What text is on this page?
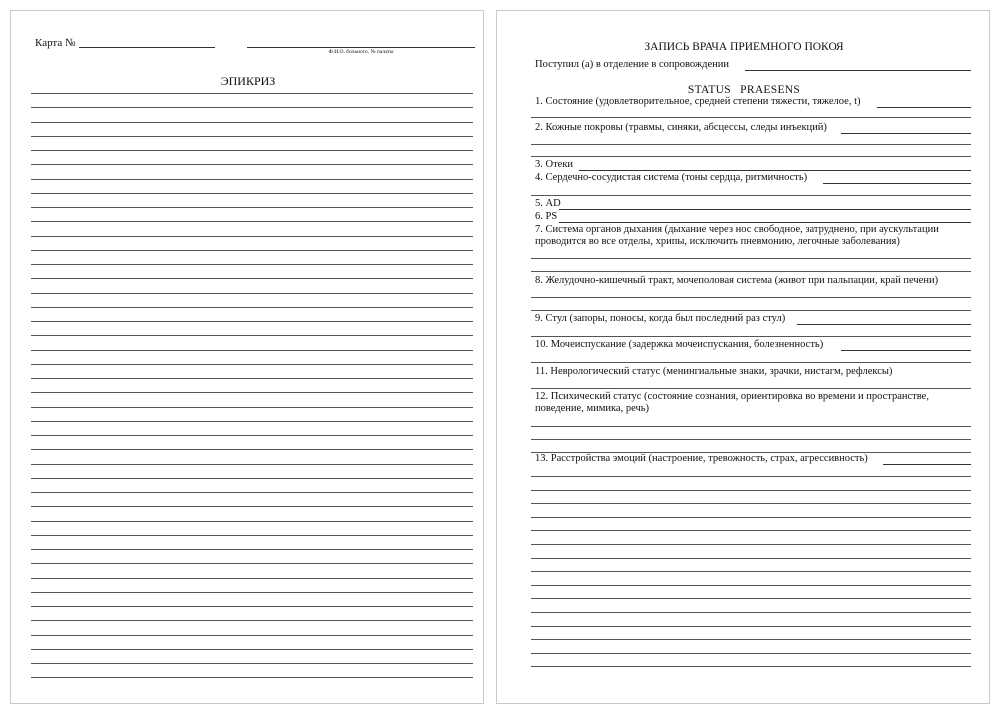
Карта №
Ф.И.О. больного, № палаты
ЭПИКРИЗ
ЗАПИСЬ ВРАЧА ПРИЕМНОГО ПОКОЯ
Поступил (а) в отделение в сопровождении
STATUS PRAESENS
1. Состояние (удовлетворительное, средней степени тяжести, тяжелое, t)
2. Кожные покровы (травмы, синяки, абсцессы, следы инъекций)
3. Отеки
4. Сердечно-сосудистая система (тоны сердца, ритмичность)
5. АD
6. PS
7. Система органов дыхания (дыхание через нос свободное, затруднено, при аускультации проводится во все отделы, хрипы, исключить пневмонию, легочные заболевания)
8. Желудочно-кишечный тракт, мочеполовая система (живот при пальпации, край печени)
9. Стул (запоры, поносы, когда был последний раз стул)
10. Мочеиспускание (задержка мочеиспускания, болезненность)
11. Неврологический статус (менингиальные знаки, зрачки, нистагм, рефлексы)
12. Психический статус (состояние сознания, ориентировка во времени и пространстве, поведение, мимика, речь)
13. Расстройства эмоций (настроение, тревожность, страх, агрессивность)
